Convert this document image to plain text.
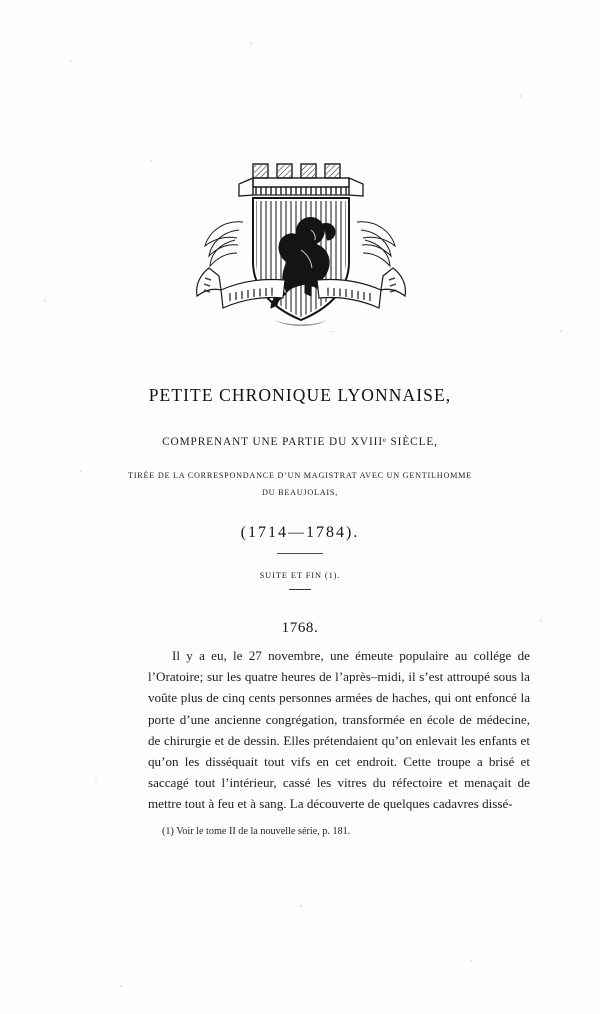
. .
PETITE CHRONIQUE LYONNAISE,
COMPRENANT UNE PARTIE DU XVIIIᵉ SIÈCLE,
TIRÉE DE LA CORRESPONDANCE D’UN MAGISTRAT AVEC UN GENTILHOMME
DU BEAUJOLAIS,
(1714—1784).
SUITE ET FIN (1).
1768.

Il y a eu, le 27 novembre, une émeute populaire au collége de l’Oratoire; sur les quatre heures de l’après–midi, il s’est attroupé sous la voûte plus de cinq cents personnes armées de haches, qui ont enfoncé la porte d’une ancienne congrégation, transformée en école de médecine, de chirurgie et de dessin. Elles prétendaient qu’on enlevait les enfants et qu’on les disséquait tout vifs en cet endroit. Cette troupe a brisé et saccagé tout l’intérieur, cassé les vitres du réfectoire et menaçait de mettre tout à feu et à sang. La découverte de quelques cadavres dissé-

(1) Voir le tome II de la nouvelle série, p. 181.
